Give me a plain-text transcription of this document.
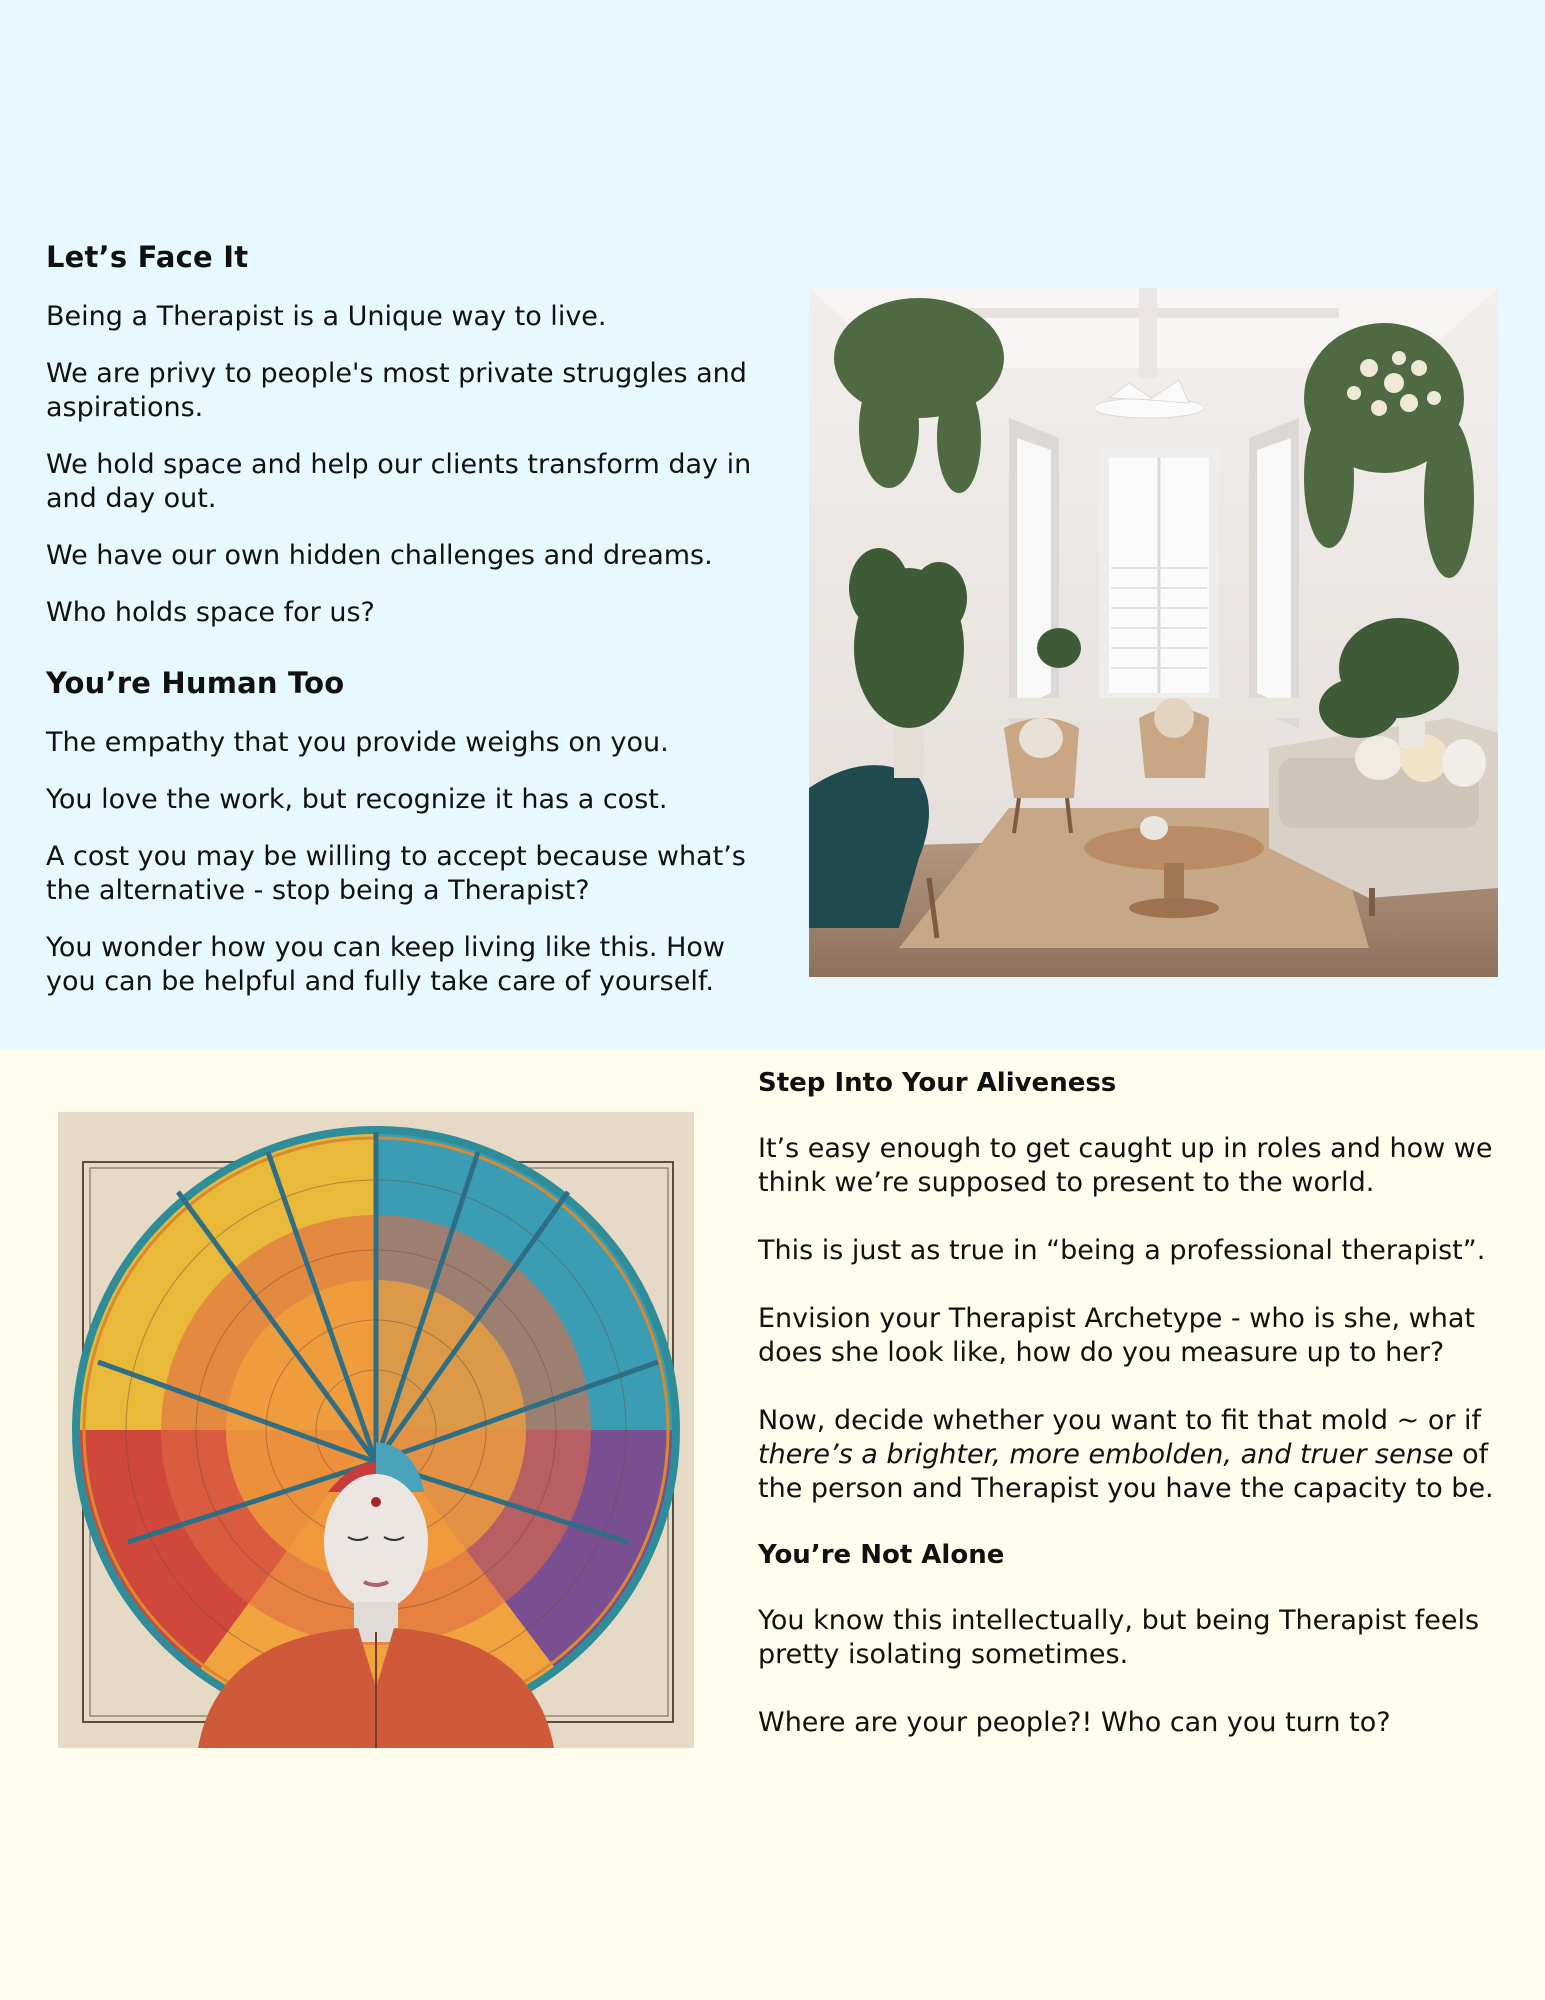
Let’s Face It

Being a Therapist is a Unique way to live.

We are privy to people's most private struggles and aspirations.

We hold space and help our clients transform day in and day out.

We have our own hidden challenges and dreams.

Who holds space for us?

You’re Human Too

The empathy that you provide weighs on you.

You love the work, but recognize it has a cost.

A cost you may be willing to accept because what’s the alternative - stop being a Therapist?

You wonder how you can keep living like this. How you can be helpful and fully take care of yourself.

Step Into Your Aliveness

It’s easy enough to get caught up in roles and how we think we’re supposed to present to the world.

This is just as true in “being a professional therapist”.

Envision your Therapist Archetype - who is she, what does she look like, how do you measure up to her?

Now, decide whether you want to fit that mold ~ or if there’s a brighter, more embolden, and truer sense of the person and Therapist you have the capacity to be.

You’re Not Alone

You know this intellectually, but being Therapist feels pretty isolating sometimes.

Where are your people?! Who can you turn to?
